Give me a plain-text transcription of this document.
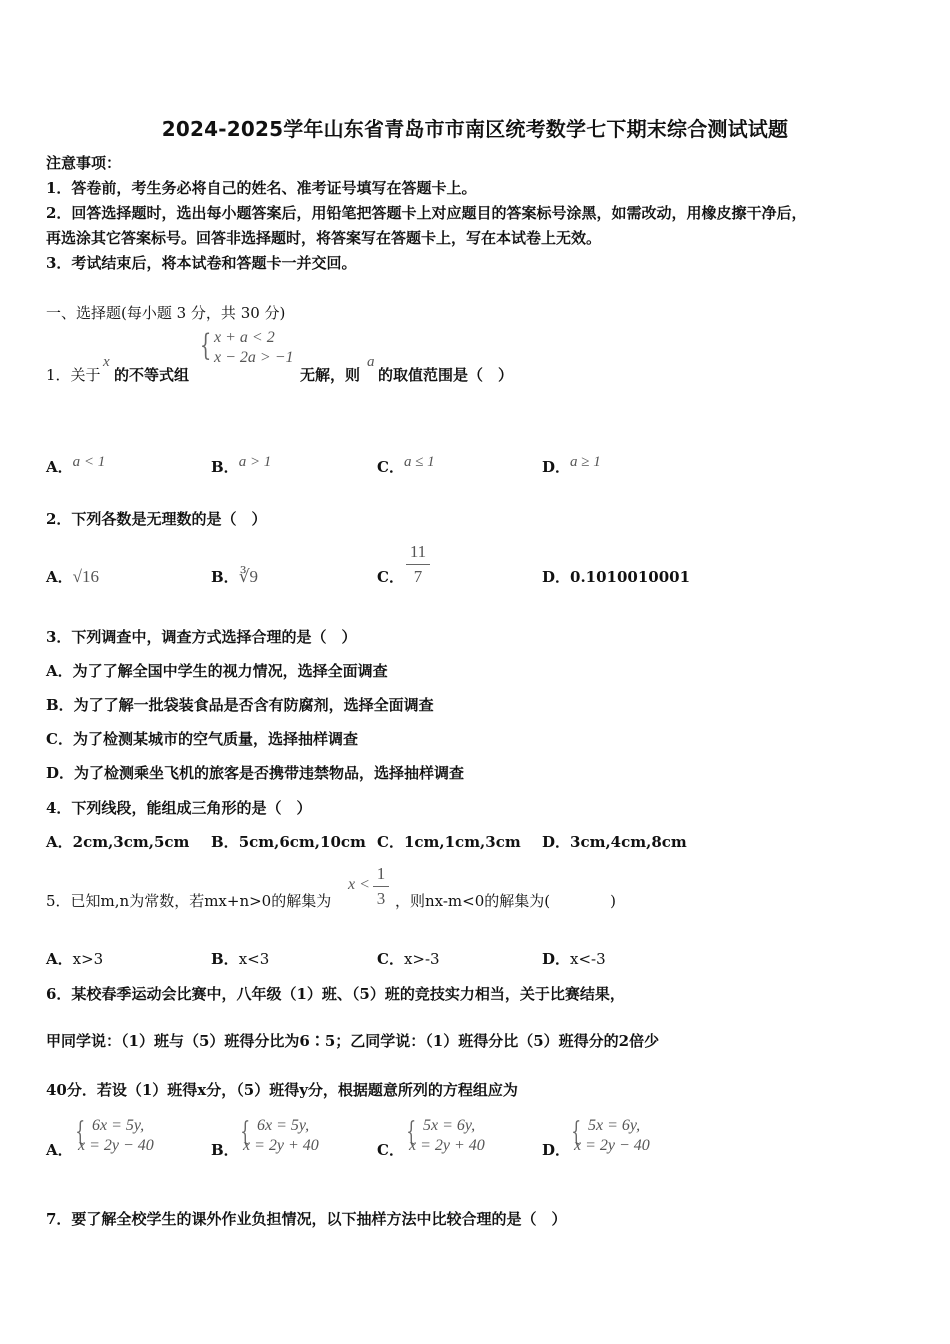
2024-2025学年山东省青岛市市南区统考数学七下期末综合测试试题
注意事项：
1．答卷前，考生务必将自己的姓名、准考证号填写在答题卡上。
2．回答选择题时，选出每小题答案后，用铅笔把答题卡上对应题目的答案标号涂黑，如需改动，用橡皮擦干净后，
再选涂其它答案标号。回答非选择题时，将答案写在答题卡上，写在本试卷上无效。
3．考试结束后，将本试卷和答题卡一并交回。
一、选择题(每小题 3 分，共 30 分)
1．关于
x
的不等式组
{ x + a < 2
x − 2a > −1
无解，则
a
的取值范围是（　）
A．a < 1	B．a > 1	C．a ≤ 1	D．a ≥ 1
2．下列各数是无理数的是（　）
A．√16	B．∛9	C．
11
7	D．0.1010010001
3．下列调查中，调查方式选择合理的是（　）
A．为了了解全国中学生的视力情况，选择全面调查
B．为了了解一批袋装食品是否含有防腐剂，选择全面调查
C．为了检测某城市的空气质量，选择抽样调查
D．为了检测乘坐飞机的旅客是否携带违禁物品，选择抽样调查
4．下列线段，能组成三角形的是（　）
A．2cm,3cm,5cm B．5cm,6cm,10cm C．1cm,1cm,3cm D．3cm,4cm,8cm
5．已知m,n为常数，若mx+n>0的解集为
x <
1
3 ，则nx-m<0的解集为(　　　　)
A．x>3	B．x<3	C．x>-3	D．x<-3
6．某校春季运动会比赛中，八年级（1）班、（5）班的竞技实力相当，关于比赛结果，
甲同学说：（1）班与（5）班得分比为6∶5；乙同学说：（1）班得分比（5）班得分的2倍少
40分．若设（1）班得x分，（5）班得y分，根据题意所列的方程组应为
A．
{ 6x = 5y,
x = 2y − 40	B．
{ 6x = 5y,
x = 2y + 40	C．
{ 5x = 6y,
x = 2y + 40	D．
{ 5x = 6y,
x = 2y − 40
7．要了解全校学生的课外作业负担情况，以下抽样方法中比较合理的是（　）
